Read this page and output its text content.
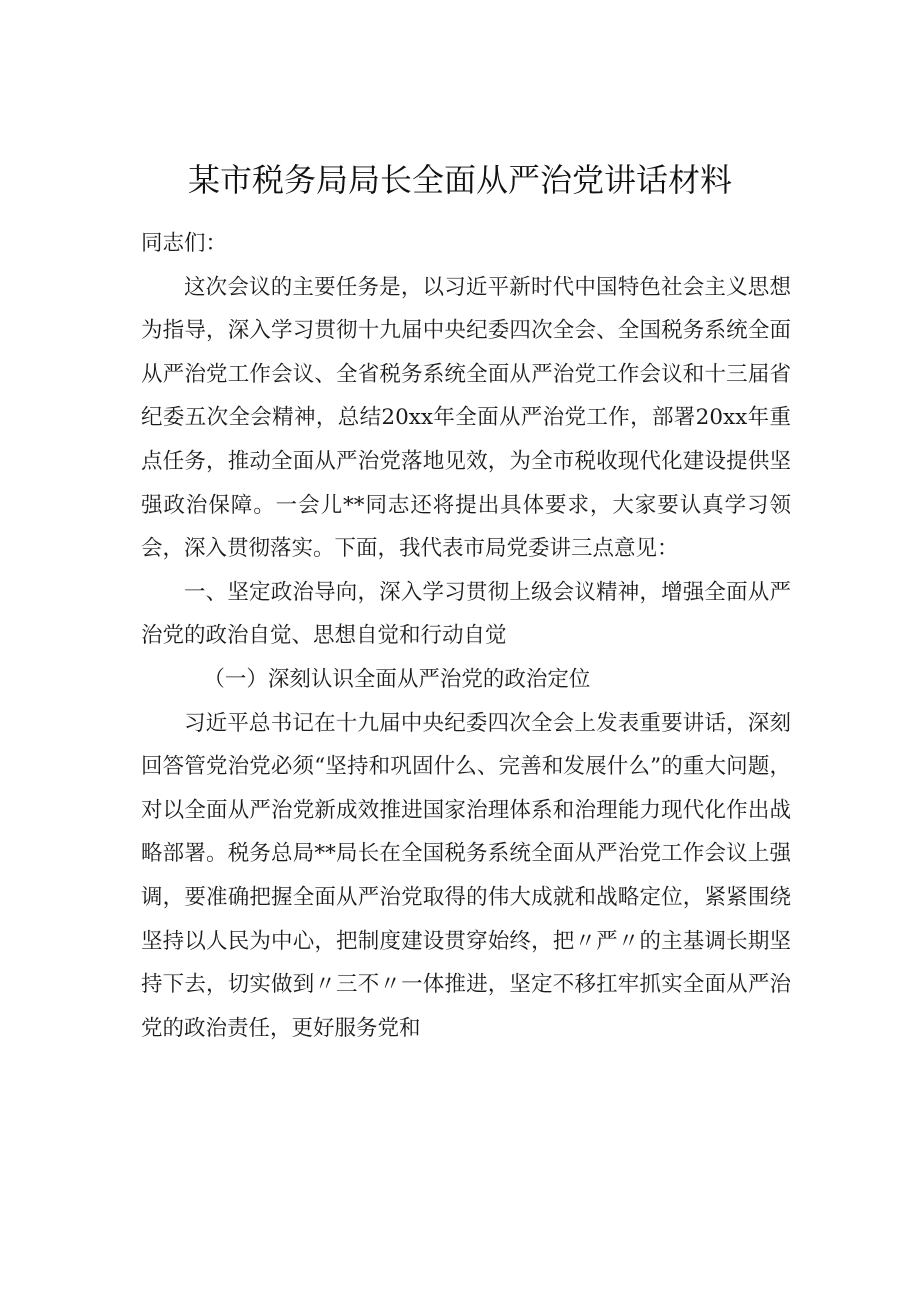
某市税务局局长全面从严治党讲话材料

同志们：

这次会议的主要任务是，以习近平新时代中国特色社会主义思想为指导，深入学习贯彻十九届中央纪委四次全会、全国税务系统全面从严治党工作会议、全省税务系统全面从严治党工作会议和十三届省纪委五次全会精神，总结20xx年全面从严治党工作，部署20xx年重点任务，推动全面从严治党落地见效，为全市税收现代化建设提供坚强政治保障。一会儿**同志还将提出具体要求，大家要认真学习领会，深入贯彻落实。下面，我代表市局党委讲三点意见：

一、坚定政治导向，深入学习贯彻上级会议精神，增强全面从严治党的政治自觉、思想自觉和行动自觉

（一）深刻认识全面从严治党的政治定位

习近平总书记在十九届中央纪委四次全会上发表重要讲话，深刻回答管党治党必须“坚持和巩固什么、完善和发展什么”的重大问题，对以全面从严治党新成效推进国家治理体系和治理能力现代化作出战略部署。税务总局**局长在全国税务系统全面从严治党工作会议上强调，要准确把握全面从严治党取得的伟大成就和战略定位，紧紧围绕坚持以人民为中心，把制度建设贯穿始终，把〃严〃的主基调长期坚持下去，切实做到〃三不〃一体推进，坚定不移扛牢抓实全面从严治党的政治责任，更好服务党和
